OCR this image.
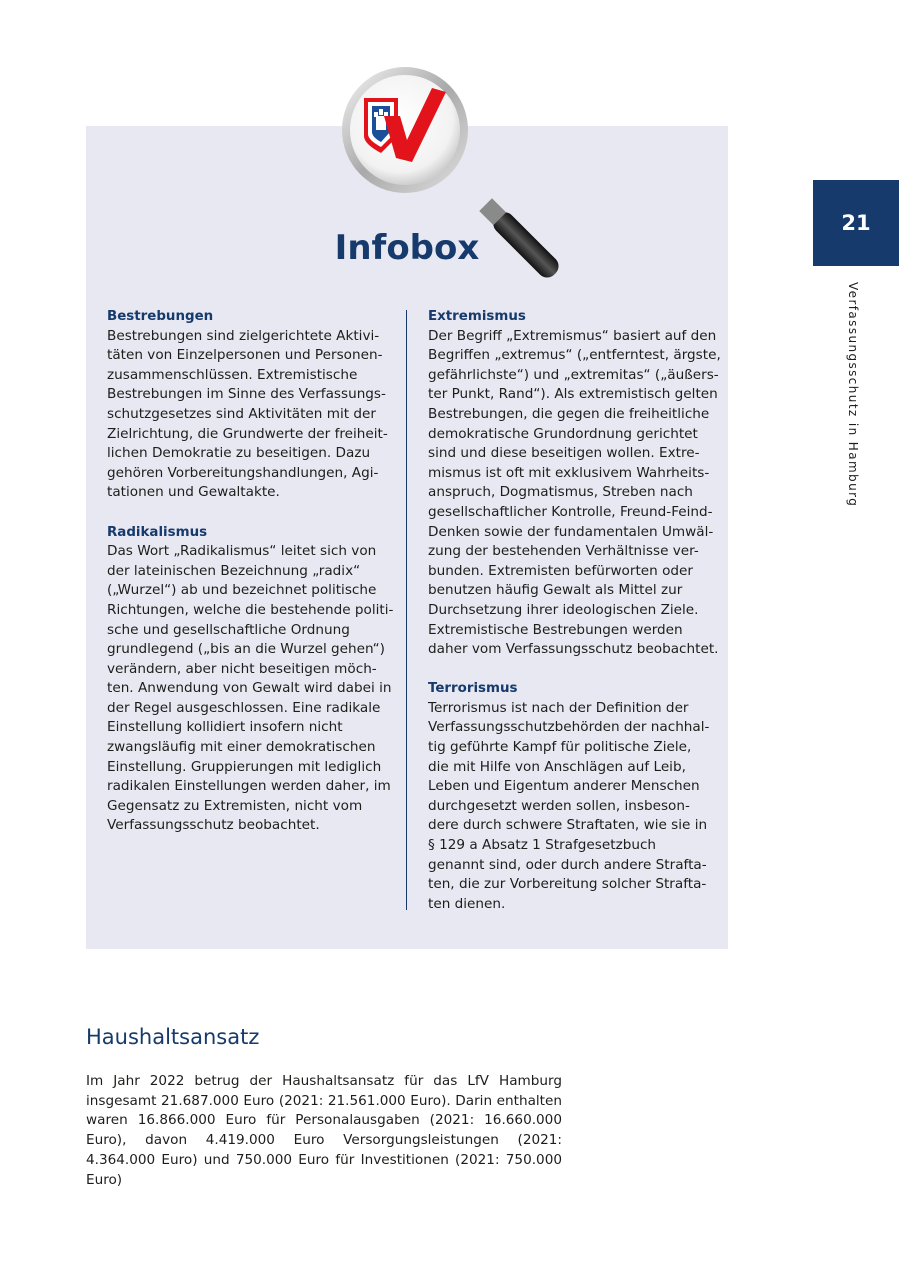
Infobox
Bestrebungen
Bestrebungen sind zielgerichtete Aktivi-
täten von Einzelpersonen und Personen-
zusammenschlüssen. Extremistische
Bestrebungen im Sinne des Verfassungs-
schutzgesetzes sind Aktivitäten mit der
Zielrichtung, die Grundwerte der freiheit-
lichen Demokratie zu beseitigen. Dazu
gehören Vorbereitungshandlungen, Agi-
tationen und Gewaltakte.
Radikalismus
Das Wort „Radikalismus“ leitet sich von
der lateinischen Bezeichnung „radix“
(„Wurzel“) ab und bezeichnet politische
Richtungen, welche die bestehende politi-
sche und gesellschaftliche Ordnung
grundlegend („bis an die Wurzel gehen“)
verändern, aber nicht beseitigen möch-
ten. Anwendung von Gewalt wird dabei in
der Regel ausgeschlossen. Eine radikale
Einstellung kollidiert insofern nicht
zwangsläufig mit einer demokratischen
Einstellung. Gruppierungen mit lediglich
radikalen Einstellungen werden daher, im
Gegensatz zu Extremisten, nicht vom
Verfassungsschutz beobachtet.
Extremismus
Der Begriff „Extremismus“ basiert auf den
Begriffen „extremus“ („entferntest, ärgste,
gefährlichste“) und „extremitas“ („äußers-
ter Punkt, Rand“). Als extremistisch gelten
Bestrebungen, die gegen die freiheitliche
demokratische Grundordnung gerichtet
sind und diese beseitigen wollen. Extre-
mismus ist oft mit exklusivem Wahrheits-
anspruch, Dogmatismus, Streben nach
gesellschaftlicher Kontrolle, Freund-Feind-
Denken sowie der fundamentalen Umwäl-
zung der bestehenden Verhältnisse ver-
bunden. Extremisten befürworten oder
benutzen häufig Gewalt als Mittel zur
Durchsetzung ihrer ideologischen Ziele.
Extremistische Bestrebungen werden
daher vom Verfassungsschutz beobachtet.
Terrorismus
Terrorismus ist nach der Definition der
Verfassungsschutzbehörden der nachhal-
tig geführte Kampf für politische Ziele,
die mit Hilfe von Anschlägen auf Leib,
Leben und Eigentum anderer Menschen
durchgesetzt werden sollen, insbeson-
dere durch schwere Straftaten, wie sie in
§ 129 a Absatz 1 Strafgesetzbuch
genannt sind, oder durch andere Strafta-
ten, die zur Vorbereitung solcher Strafta-
ten dienen.
21
Verfassungsschutz in Hamburg
Haushaltsansatz

Im Jahr 2022 betrug der Haushaltsansatz für das LfV Hamburg insgesamt 21.687.000 Euro (2021: 21.561.000 Euro). Darin enthalten waren 16.866.000 Euro für Personalausgaben (2021: 16.660.000 Euro), davon 4.419.000 Euro Versorgungsleistungen (2021: 4.364.000 Euro) und 750.000 Euro für Investitionen (2021: 750.000 Euro)
